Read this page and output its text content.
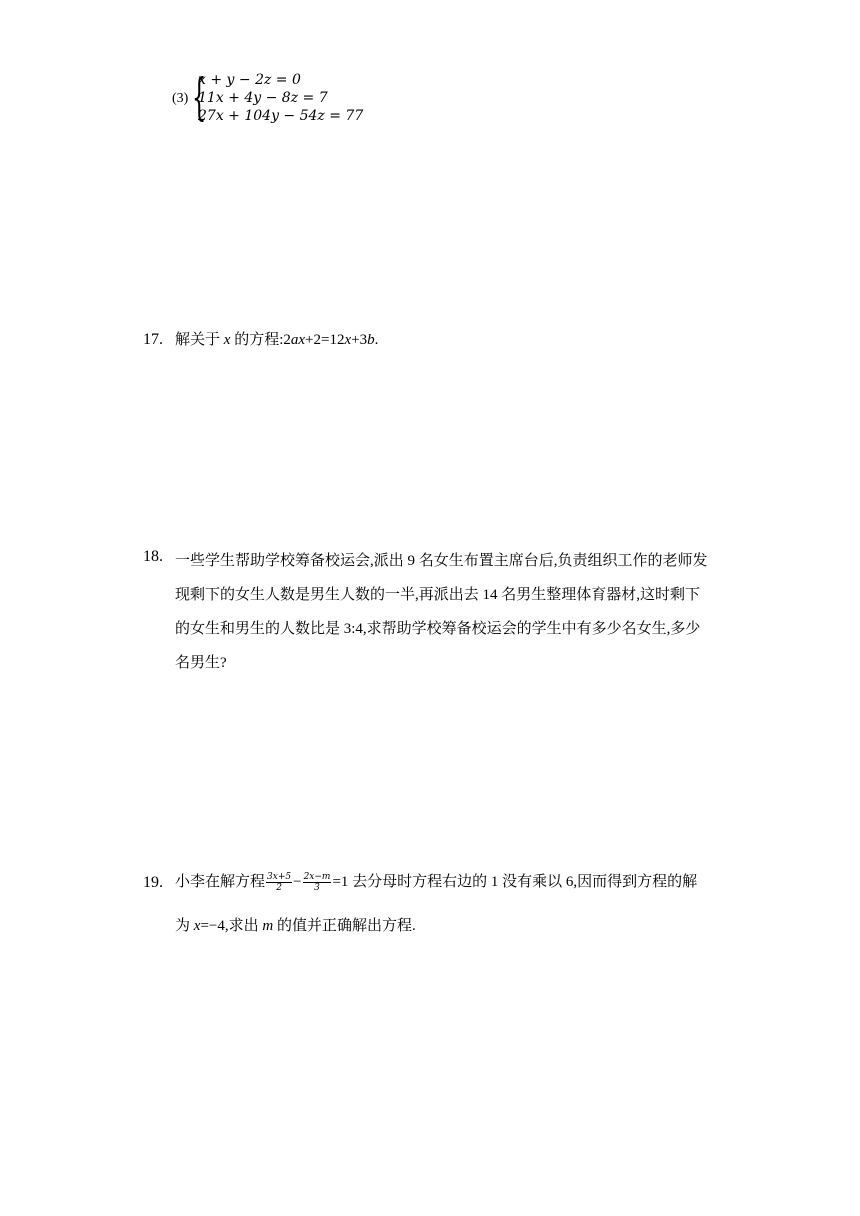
(3) {
x + y − 2z = 0
11x + 4y − 8z = 7
27x + 104y − 54z = 77
17. 解关于 x 的方程:2ax+2=12x+3b.
18. 一些学生帮助学校筹备校运会,派出 9 名女生布置主席台后,负责组织工作的老师发
现剩下的女生人数是男生人数的一半,再派出去 14 名男生整理体育器材,这时剩下
的女生和男生的人数比是 3:4,求帮助学校筹备校运会的学生中有多少名女生,多少
名男生?
19. 小李在解方程 $\frac{3x+5}{2} - \frac{2x-m}{3} =1$ 去分母时方程右边的 1 没有乘以 6,因而得到方程的解
为 x=−4,求出 m 的值并正确解出方程.
